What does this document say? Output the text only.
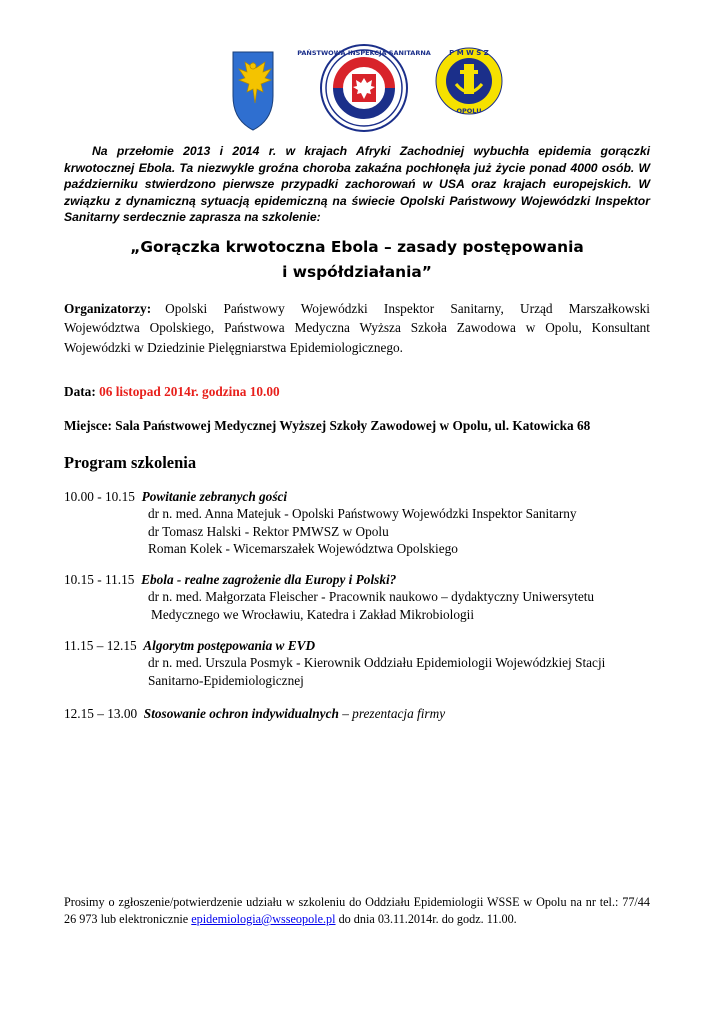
PAŃSTWOWA INSPEKCJA SANITARNA	P M W S Z
OPOLU

Na przełomie 2013 i 2014 r. w krajach Afryki Zachodniej wybuchła epidemia gorączki krwotocznej Ebola. Ta niezwykle groźna choroba zakaźna pochłonęła już życie ponad 4000 osób. W październiku stwierdzono pierwsze przypadki zachorowań w USA oraz krajach europejskich. W związku z dynamiczną sytuacją epidemiczną na świecie Opolski Państwowy Wojewódzki Inspektor Sanitarny serdecznie zaprasza na szkolenie:

„Gorączka krwotoczna Ebola – zasady postępowania
i współdziałania”
Organizatorzy: Opolski Państwowy Wojewódzki Inspektor Sanitarny, Urząd Marszałkowski Województwa Opolskiego, Państwowa Medyczna Wyższa Szkoła Zawodowa w Opolu, Konsultant Wojewódzki w Dziedzinie Pielęgniarstwa Epidemiologicznego.
Data: 06 listopad 2014r. godzina 10.00
Miejsce: Sala Państwowej Medycznej Wyższej Szkoły Zawodowej w Opolu, ul. Katowicka 68
Program szkolenia
10.00 - 10.15 Powitanie zebranych gości
dr n. med. Anna Matejuk - Opolski Państwowy Wojewódzki Inspektor Sanitarny
dr Tomasz Halski - Rektor PMWSZ w Opolu
Roman Kolek - Wicemarszałek Województwa Opolskiego
10.15 - 11.15 Ebola - realne zagrożenie dla Europy i Polski?
dr n. med. Małgorzata Fleischer - Pracownik naukowo – dydaktyczny Uniwersytetu
Medycznego we Wrocławiu, Katedra i Zakład Mikrobiologii
11.15 – 12.15 Algorytm postępowania w EVD
dr n. med. Urszula Posmyk - Kierownik Oddziału Epidemiologii Wojewódzkiej Stacji
Sanitarno-Epidemiologicznej
12.15 – 13.00 Stosowanie ochron indywidualnych – prezentacja firmy
Prosimy o zgłoszenie/potwierdzenie udziału w szkoleniu do Oddziału Epidemiologii WSSE w Opolu na nr tel.: 77/44 26 973 lub elektronicznie epidemiologia@wsseopole.pl do dnia 03.11.2014r. do godz. 11.00.
